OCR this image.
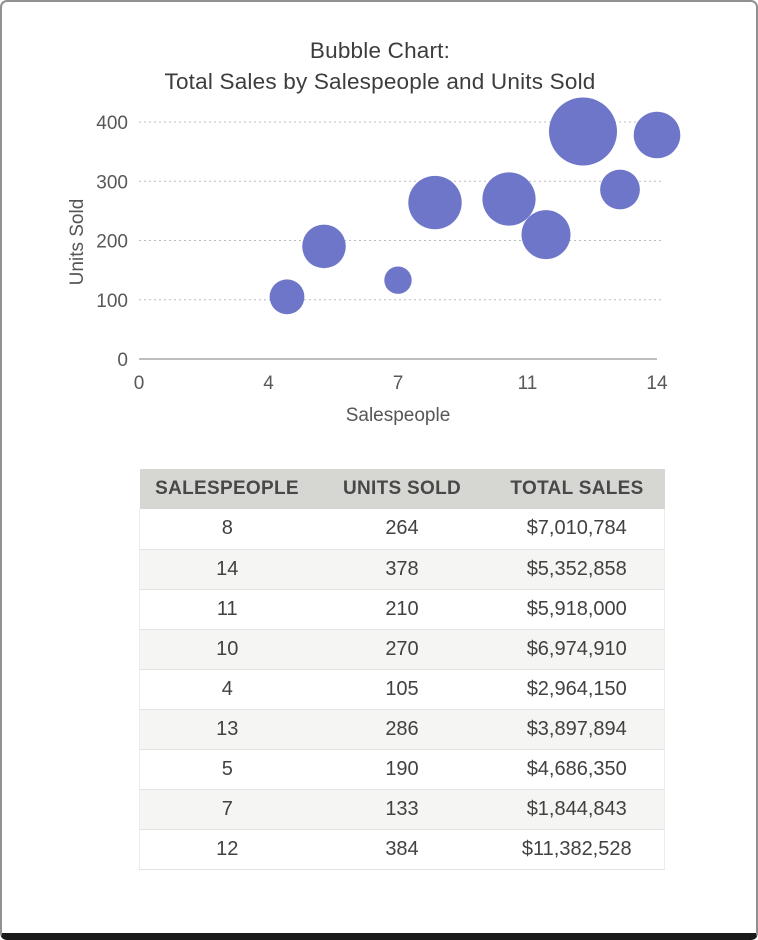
Bubble Chart:
Total Sales by Salespeople and Units Sold
0
100
200
300
400
0	4	7	11	14
Units Sold
Salespeople
SALESPEOPLE	UNITS SOLD	TOTAL SALES
8	264	$7,010,784
14	378	$5,352,858
11	210	$5,918,000
10	270	$6,974,910
4	105	$2,964,150
13	286	$3,897,894
5	190	$4,686,350
7	133	$1,844,843
12	384	$11,382,528
